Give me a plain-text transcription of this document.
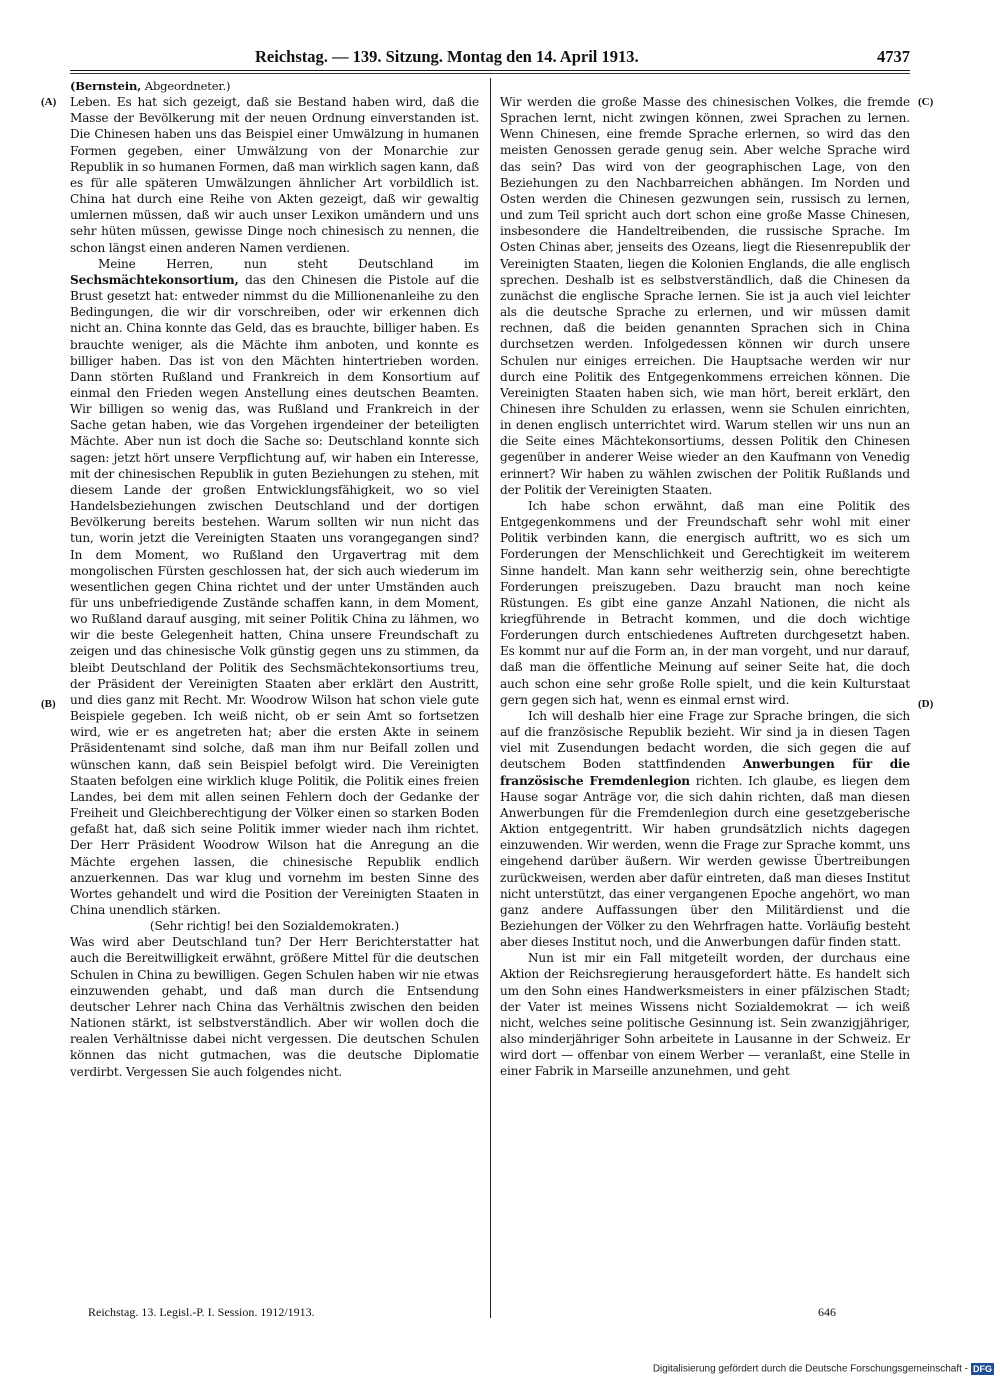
Reichstag. — 139. Sitzung. Montag den 14. April 1913.	4737
(A)
(B)
(C)
(D)

(Bernstein, Abgeordneter.)

Leben. Es hat sich gezeigt, daß sie Bestand haben wird, daß die Masse der Bevölkerung mit der neuen Ordnung einverstanden ist. Die Chinesen haben uns das Beispiel einer Umwälzung in humanen Formen gegeben, einer Umwälzung von der Monarchie zur Republik in so humanen Formen, daß man wirklich sagen kann, daß es für alle späteren Umwälzungen ähnlicher Art vorbildlich ist. China hat durch eine Reihe von Akten gezeigt, daß wir gewaltig umlernen müssen, daß wir auch unser Lexikon umändern und uns sehr hüten müssen, gewisse Dinge noch chinesisch zu nennen, die schon längst einen anderen Namen verdienen.

Meine Herren, nun steht Deutschland im Sechsmächtekonsortium, das den Chinesen die Pistole auf die Brust gesetzt hat: entweder nimmst du die Millionenanleihe zu den Bedingungen, die wir dir vorschreiben, oder wir erkennen dich nicht an. China konnte das Geld, das es brauchte, billiger haben. Es brauchte weniger, als die Mächte ihm anboten, und konnte es billiger haben. Das ist von den Mächten hintertrieben worden. Dann störten Rußland und Frankreich in dem Konsortium auf einmal den Frieden wegen Anstellung eines deutschen Beamten. Wir billigen so wenig das, was Rußland und Frankreich in der Sache getan haben, wie das Vorgehen irgendeiner der beteiligten Mächte. Aber nun ist doch die Sache so: Deutschland konnte sich sagen: jetzt hört unsere Verpflichtung auf, wir haben ein Interesse, mit der chinesischen Republik in guten Beziehungen zu stehen, mit diesem Lande der großen Entwicklungsfähigkeit, wo so viel Handelsbeziehungen zwischen Deutschland und der dortigen Bevölkerung bereits bestehen. Warum sollten wir nun nicht das tun, worin jetzt die Vereinigten Staaten uns vorangegangen sind? In dem Moment, wo Rußland den Urgavertrag mit dem mongolischen Fürsten geschlossen hat, der sich auch wiederum im wesentlichen gegen China richtet und der unter Umständen auch für uns unbefriedigende Zustände schaffen kann, in dem Moment, wo Rußland darauf ausging, mit seiner Politik China zu lähmen, wo wir die beste Gelegenheit hatten, China unsere Freundschaft zu zeigen und das chinesische Volk günstig gegen uns zu stimmen, da bleibt Deutschland der Politik des Sechsmächtekonsortiums treu, der Präsident der Vereinigten Staaten aber erklärt den Austritt, und dies ganz mit Recht. Mr. Woodrow Wilson hat schon viele gute Beispiele gegeben. Ich weiß nicht, ob er sein Amt so fortsetzen wird, wie er es angetreten hat; aber die ersten Akte in seinem Präsidentenamt sind solche, daß man ihm nur Beifall zollen und wünschen kann, daß sein Beispiel befolgt wird. Die Vereinigten Staaten befolgen eine wirklich kluge Politik, die Politik eines freien Landes, bei dem mit allen seinen Fehlern doch der Gedanke der Freiheit und Gleichberechtigung der Völker einen so starken Boden gefaßt hat, daß sich seine Politik immer wieder nach ihm richtet. Der Herr Präsident Woodrow Wilson hat die Anregung an die Mächte ergehen lassen, die chinesische Republik endlich anzuerkennen. Das war klug und vornehm im besten Sinne des Wortes gehandelt und wird die Position der Vereinigten Staaten in China unendlich stärken.

(Sehr richtig! bei den Sozialdemokraten.)

Was wird aber Deutschland tun? Der Herr Berichterstatter hat auch die Bereitwilligkeit erwähnt, größere Mittel für die deutschen Schulen in China zu bewilligen. Gegen Schulen haben wir nie etwas einzuwenden gehabt, und daß man durch die Entsendung deutscher Lehrer nach China das Verhältnis zwischen den beiden Nationen stärkt, ist selbstverständlich. Aber wir wollen doch die realen Verhältnisse dabei nicht vergessen. Die deutschen Schulen können das nicht gutmachen, was die deutsche Diplomatie verdirbt. Vergessen Sie auch folgendes nicht.

Wir werden die große Masse des chinesischen Volkes, die fremde Sprachen lernt, nicht zwingen können, zwei Sprachen zu lernen. Wenn Chinesen, eine fremde Sprache erlernen, so wird das den meisten Genossen gerade genug sein. Aber welche Sprache wird das sein? Das wird von der geographischen Lage, von den Beziehungen zu den Nachbarreichen abhängen. Im Norden und Osten werden die Chinesen gezwungen sein, russisch zu lernen, und zum Teil spricht auch dort schon eine große Masse Chinesen, insbesondere die Handeltreibenden, die russische Sprache. Im Osten Chinas aber, jenseits des Ozeans, liegt die Riesenrepublik der Vereinigten Staaten, liegen die Kolonien Englands, die alle englisch sprechen. Deshalb ist es selbstverständlich, daß die Chinesen da zunächst die englische Sprache lernen. Sie ist ja auch viel leichter als die deutsche Sprache zu erlernen, und wir müssen damit rechnen, daß die beiden genannten Sprachen sich in China durchsetzen werden. Infolgedessen können wir durch unsere Schulen nur einiges erreichen. Die Hauptsache werden wir nur durch eine Politik des Entgegenkommens erreichen können. Die Vereinigten Staaten haben sich, wie man hört, bereit erklärt, den Chinesen ihre Schulden zu erlassen, wenn sie Schulen einrichten, in denen englisch unterrichtet wird. Warum stellen wir uns nun an die Seite eines Mächtekonsortiums, dessen Politik den Chinesen gegenüber in anderer Weise wieder an den Kaufmann von Venedig erinnert? Wir haben zu wählen zwischen der Politik Rußlands und der Politik der Vereinigten Staaten.

Ich habe schon erwähnt, daß man eine Politik des Entgegenkommens und der Freundschaft sehr wohl mit einer Politik verbinden kann, die energisch auftritt, wo es sich um Forderungen der Menschlichkeit und Gerechtigkeit im weiterem Sinne handelt. Man kann sehr weitherzig sein, ohne berechtigte Forderungen preiszugeben. Dazu braucht man noch keine Rüstungen. Es gibt eine ganze Anzahl Nationen, die nicht als kriegführende in Betracht kommen, und die doch wichtige Forderungen durch entschiedenes Auftreten durchgesetzt haben. Es kommt nur auf die Form an, in der man vorgeht, und nur darauf, daß man die öffentliche Meinung auf seiner Seite hat, die doch auch schon eine sehr große Rolle spielt, und die kein Kulturstaat gern gegen sich hat, wenn es einmal ernst wird.

Ich will deshalb hier eine Frage zur Sprache bringen, die sich auf die französische Republik bezieht. Wir sind ja in diesen Tagen viel mit Zusendungen bedacht worden, die sich gegen die auf deutschem Boden stattfindenden Anwerbungen für die französische Fremdenlegion richten. Ich glaube, es liegen dem Hause sogar Anträge vor, die sich dahin richten, daß man diesen Anwerbungen für die Fremdenlegion durch eine gesetzgeberische Aktion entgegentritt. Wir haben grundsätzlich nichts dagegen einzuwenden. Wir werden, wenn die Frage zur Sprache kommt, uns eingehend darüber äußern. Wir werden gewisse Übertreibungen zurückweisen, werden aber dafür eintreten, daß man dieses Institut nicht unterstützt, das einer vergangenen Epoche angehört, wo man ganz andere Auffassungen über den Militärdienst und die Beziehungen der Völker zu den Wehrfragen hatte. Vorläufig besteht aber dieses Institut noch, und die Anwerbungen dafür finden statt.

Nun ist mir ein Fall mitgeteilt worden, der durchaus eine Aktion der Reichsregierung herausgefordert hätte. Es handelt sich um den Sohn eines Handwerksmeisters in einer pfälzischen Stadt; der Vater ist meines Wissens nicht Sozialdemokrat — ich weiß nicht, welches seine politische Gesinnung ist. Sein zwanzigjähriger, also minderjähriger Sohn arbeitete in Lausanne in der Schweiz. Er wird dort — offenbar von einem Werber — veranlaßt, eine Stelle in einer Fabrik in Marseille anzunehmen, und geht

Reichstag. 13. Legisl.-P. I. Session. 1912/1913.	646
Digitalisierung gefördert durch die Deutsche Forschungsgemeinschaft - DFG
